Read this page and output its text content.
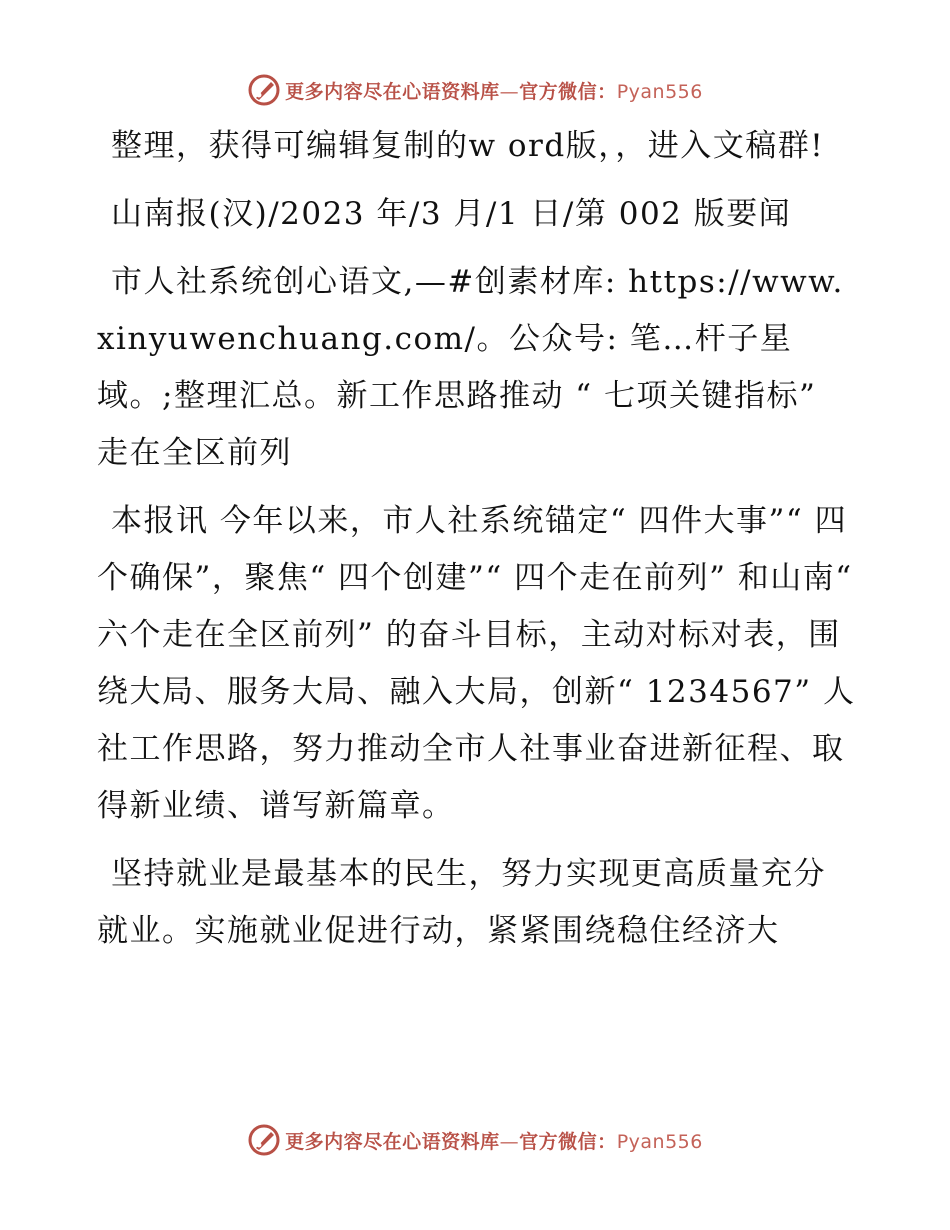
更多内容尽在心语资料库—官方微信：Pyan556

整理，获得可编辑复制的w ord版，，进入文稿群!

山南报(汉)/2023 年/3 月/1 日/第 002 版要闻

市人社系统创心语文,—#创素材库: https://www.xinyuwenchuang.com/。公众号: 笔…杆子星域。;整理汇总。新工作思路推动 “ 七项关键指标” 走在全区前列

本报讯 今年以来，市人社系统锚定“ 四件大事”“ 四个确保”，聚焦“ 四个创建”“ 四个走在前列” 和山南“ 六个走在全区前列” 的奋斗目标，主动对标对表，围绕大局、服务大局、融入大局，创新“ 1234567” 人社工作思路，努力推动全市人社事业奋进新征程、取得新业绩、谱写新篇章。

坚持就业是最基本的民生，努力实现更高质量充分就业。实施就业促进行动，紧紧围绕稳住经济大

更多内容尽在心语资料库—官方微信：Pyan556
